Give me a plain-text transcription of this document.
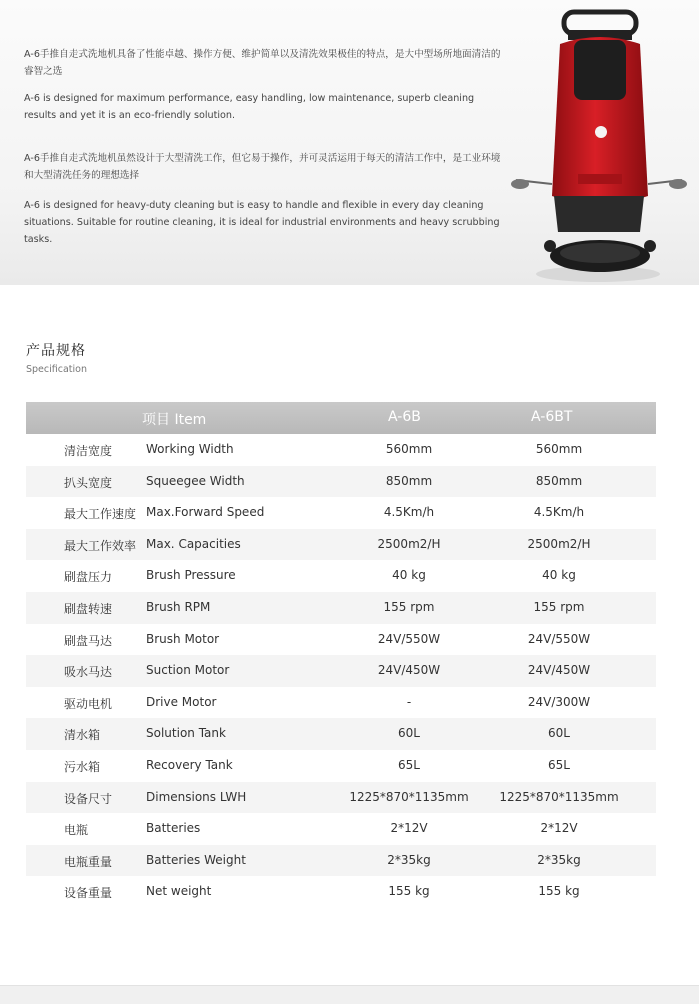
A-6手推自走式洗地机具备了性能卓越、操作方便、维护简单以及清洗效果极佳的特点，是大中型场所地面清洁的睿智之选
A-6 is designed for maximum performance, easy handling, low maintenance, superb cleaning results and yet it is an eco-friendly solution.
A-6手推自走式洗地机虽然设计于大型清洗工作，但它易于操作，并可灵活运用于每天的清洁工作中，是工业环境和大型清洗任务的理想选择
A-6 is designed for heavy-duty cleaning but is easy to handle and flexible in every day cleaning situations. Suitable for routine cleaning, it is ideal for industrial environments and heavy scrubbing tasks.
产品规格
Specification
项目 Item	A-6B	A-6BT
清洁宽度	Working Width	560mm	560mm
扒头宽度	Squeegee Width	850mm	850mm
最大工作速度 Max.Forward Speed	4.5Km/h	4.5Km/h
最大工作效率 Max. Capacities	2500m2/H	2500m2/H
刷盘压力	Brush Pressure	40 kg	40 kg
刷盘转速	Brush RPM	155 rpm	155 rpm
刷盘马达	Brush Motor	24V/550W	24V/550W
吸水马达	Suction Motor	24V/450W	24V/450W
驱动电机	Drive Motor	-	24V/300W
清水箱	Solution Tank	60L	60L
污水箱	Recovery Tank	65L	65L
设备尺寸	Dimensions LWH	1225*870*1135mm	1225*870*1135mm
电瓶	Batteries	2*12V	2*12V
电瓶重量	Batteries Weight	2*35kg	2*35kg
设备重量	Net weight	155 kg	155 kg
